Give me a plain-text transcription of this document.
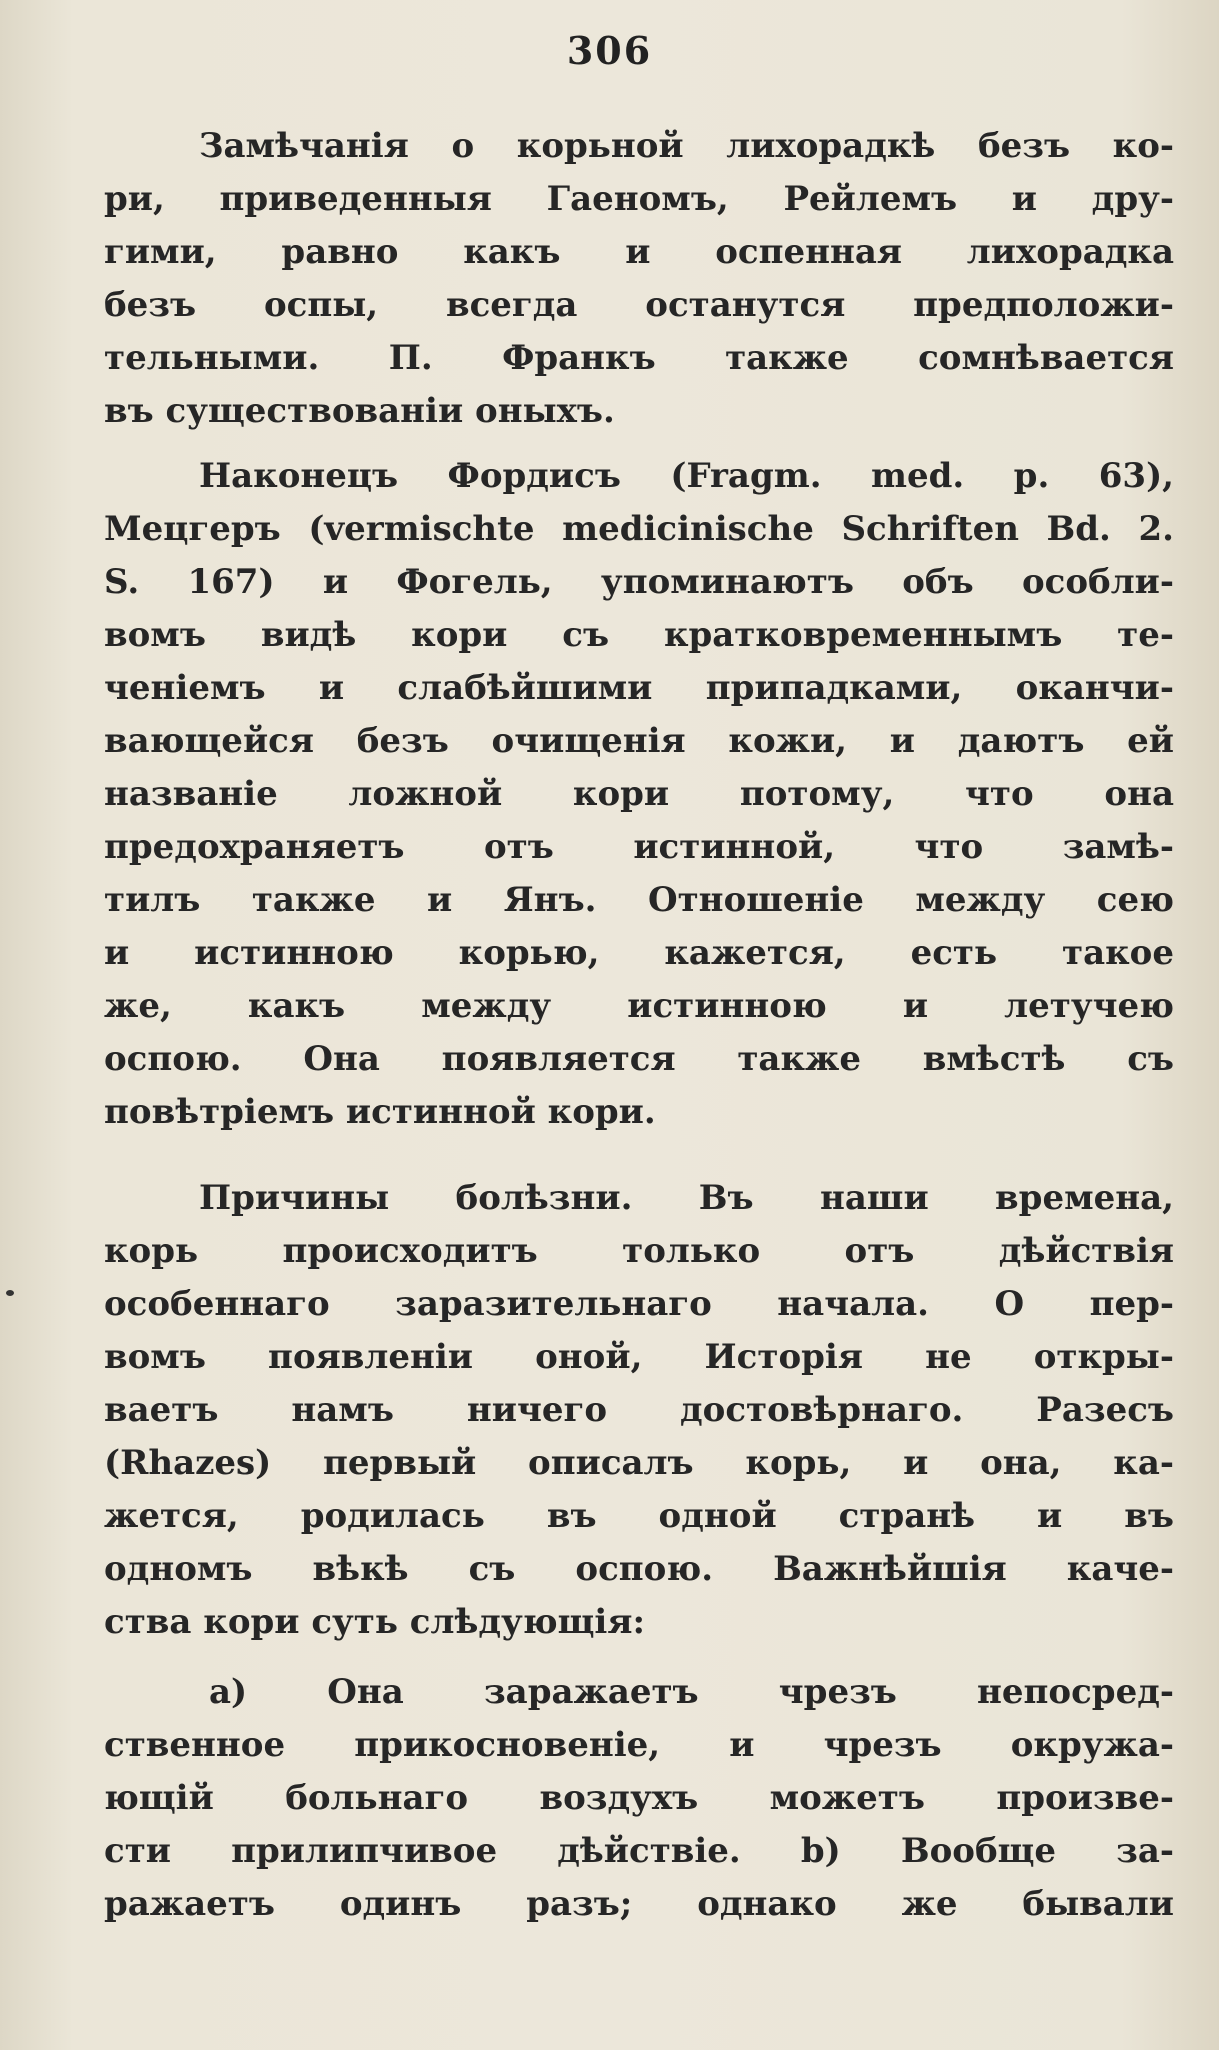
306
Замѣчанія о корьной лихорадкѣ безъ ко-
ри, приведенныя Гаеномъ, Рейлемъ и дру-
гими, равно какъ и оспенная лихорадка
безъ оспы, всегда останутся предположи-
тельными. П. Франкъ также сомнѣвается
въ существованіи оныхъ.
Наконецъ Фордисъ (Fragm. med. p. 63),
Мецгеръ (vermischte medicinische Schriften Bd. 2.
S. 167) и Фогель, упоминаютъ объ особли-
вомъ видѣ кори съ кратковременнымъ те-
ченіемъ и слабѣйшими припадками, оканчи-
вающейся безъ очищенія кожи, и даютъ ей
названіе ложной кори потому, что она
предохраняетъ отъ истинной, что замѣ-
тилъ также и Янъ. Отношеніе между сею
и истинною корью, кажется, есть такое
же, какъ между истинною и летучею
оспою. Она появляется также вмѣстѣ съ
повѣтріемъ истинной кори.
Причины болѣзни. Въ наши времена,
корь происходитъ только отъ дѣйствія
особеннаго заразительнаго начала. О пер-
вомъ появленіи оной, Исторія не откры-
ваетъ намъ ничего достовѣрнаго. Разесъ
(Rhazes) первый описалъ корь, и она, ка-
жется, родилась въ одной странѣ и въ
одномъ вѣкѣ съ оспою. Важнѣйшія каче-
ства кори суть слѣдующія:
а) Она заражаетъ чрезъ непосред-
ственное прикосновеніе, и чрезъ окружа-
ющій больнаго воздухъ можетъ произве-
сти прилипчивое дѣйствіе. b) Вообще за-
ражаетъ одинъ разъ; однако же бывали
